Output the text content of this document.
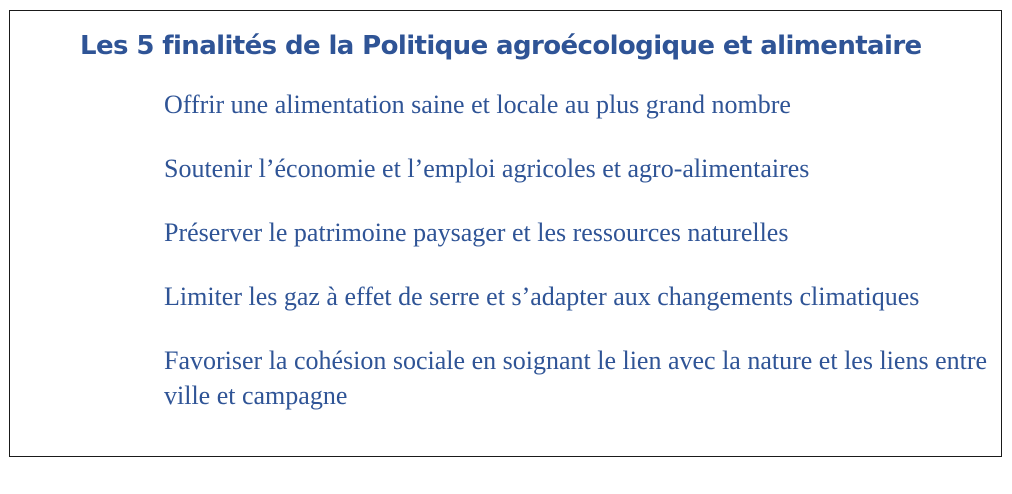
Les 5 finalités de la Politique agroécologique et alimentaire
Offrir une alimentation saine et locale au plus grand nombre
Soutenir l’économie et l’emploi agricoles et agro-alimentaires
Préserver le patrimoine paysager et les ressources naturelles
Limiter les gaz à effet de serre et s’adapter aux changements climatiques
Favoriser la cohésion sociale en soignant le lien avec la nature et les liens entre ville et campagne
